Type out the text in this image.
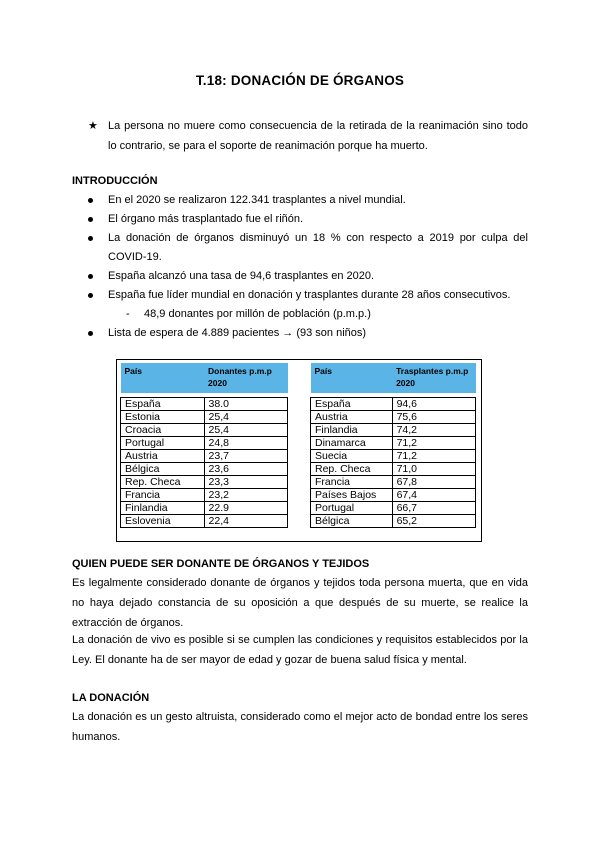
T.18: DONACIÓN DE ÓRGANOS
★ La persona no muere como consecuencia de la retirada de la reanimación sino todo lo contrario, se para el soporte de reanimación porque ha muerto.
INTRODUCCIÓN
En el 2020 se realizaron 122.341 trasplantes a nivel mundial.
El órgano más trasplantado fue el riñón.
La donación de órganos disminuyó un 18 % con respecto a 2019 por culpa del COVID-19.
España alcanzó una tasa de 94,6 trasplantes en 2020.
España fue líder mundial en donación y trasplantes durante 28 años consecutivos.
- 48,9 donantes por millón de población (p.m.p.)
Lista de espera de 4.889 pacientes → (93 son niños)
País	Donantes p.m.p 2020

España	38.0
Estonia	25,4
Croacia	25,4
Portugal	24,8
Austria	23,7
Bélgica	23,6
Rep. Checa	23,3
Francia	23,2
Finlandia	22.9
Eslovenia	22,4
País	Trasplantes p.m.p 2020

España	94,6
Austria	75,6
Finlandia	74,2
Dinamarca	71,2
Suecia	71,2
Rep. Checa	71,0
Francia	67,8
Países Bajos	67,4
Portugal	66,7
Bélgica	65,2
QUIEN PUEDE SER DONANTE DE ÓRGANOS Y TEJIDOS
Es legalmente considerado donante de órganos y tejidos toda persona muerta, que en vida no haya dejado constancia de su oposición a que después de su muerte, se realice la extracción de órganos.
La donación de vivo es posible si se cumplen las condiciones y requisitos establecidos por la Ley. El donante ha de ser mayor de edad y gozar de buena salud física y mental.
LA DONACIÓN
La donación es un gesto altruista, considerado como el mejor acto de bondad entre los seres humanos.
